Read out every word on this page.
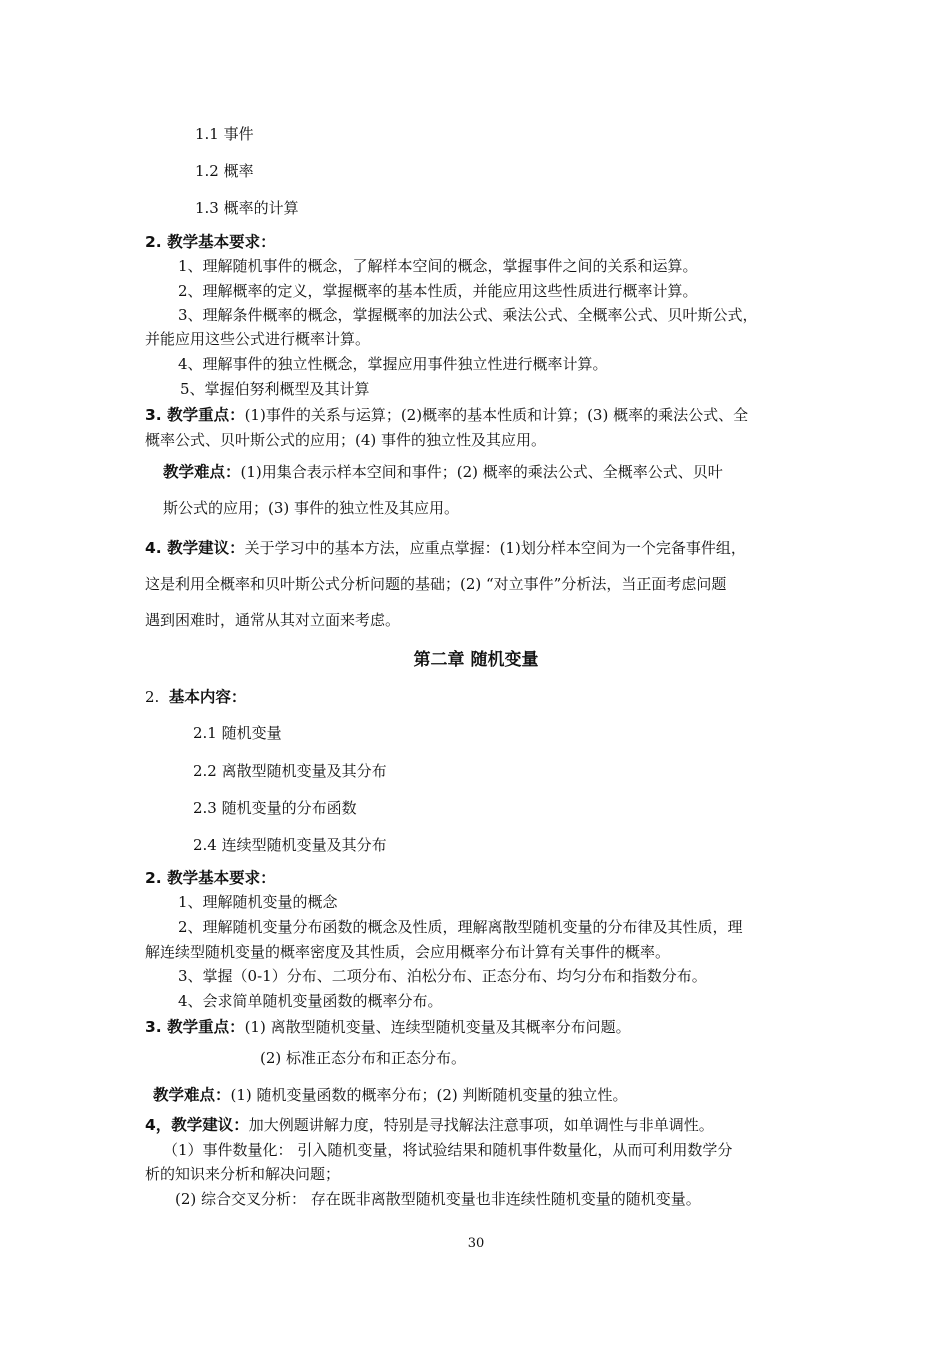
1.1 事件
1.2 概率
1.3 概率的计算
2. 教学基本要求：
1、理解随机事件的概念，了解样本空间的概念，掌握事件之间的关系和运算。
2、理解概率的定义，掌握概率的基本性质，并能应用这些性质进行概率计算。
3、理解条件概率的概念，掌握概率的加法公式、乘法公式、全概率公式、贝叶斯公式，
并能应用这些公式进行概率计算。
4、理解事件的独立性概念，掌握应用事件独立性进行概率计算。
5、掌握伯努利概型及其计算
3. 教学重点：(1)事件的关系与运算；(2)概率的基本性质和计算；(3) 概率的乘法公式、全
概率公式、贝叶斯公式的应用；(4) 事件的独立性及其应用。
教学难点：(1)用集合表示样本空间和事件；(2) 概率的乘法公式、全概率公式、贝叶
斯公式的应用；(3) 事件的独立性及其应用。
4. 教学建议：关于学习中的基本方法，应重点掌握：(1)划分样本空间为一个完备事件组，
这是利用全概率和贝叶斯公式分析问题的基础；(2) “对立事件”分析法，当正面考虑问题
遇到困难时，通常从其对立面来考虑。
第二章 随机变量
2. 基本内容：
2.1 随机变量
2.2 离散型随机变量及其分布
2.3 随机变量的分布函数
2.4 连续型随机变量及其分布
2. 教学基本要求：
1、理解随机变量的概念
2、理解随机变量分布函数的概念及性质，理解离散型随机变量的分布律及其性质，理
解连续型随机变量的概率密度及其性质，会应用概率分布计算有关事件的概率。
3、掌握（0-1）分布、二项分布、泊松分布、正态分布、均匀分布和指数分布。
4、会求简单随机变量函数的概率分布。
3. 教学重点：(1) 离散型随机变量、连续型随机变量及其概率分布问题。
(2) 标准正态分布和正态分布。
教学难点：(1) 随机变量函数的概率分布；(2) 判断随机变量的独立性。
4，教学建议：加大例题讲解力度，特别是寻找解法注意事项，如单调性与非单调性。
（1）事件数量化： 引入随机变量，将试验结果和随机事件数量化，从而可利用数学分
析的知识来分析和解决问题；
(2) 综合交叉分析： 存在既非离散型随机变量也非连续性随机变量的随机变量。
30
